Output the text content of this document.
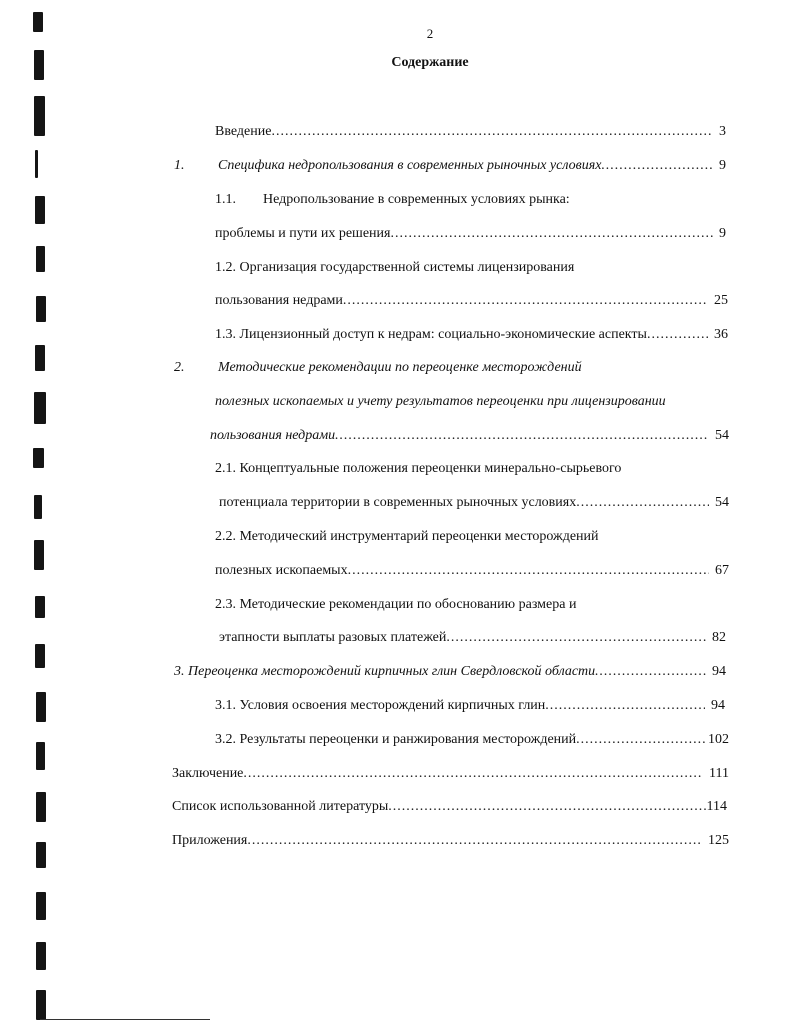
2
Содержание
Введение .....	3
1.	Специфика недропользования в современных рыночных условиях .....	9
1.1.	Недропользование в современных условиях рынка:
проблемы и пути их решения .....	9
1.2. Организация государственной системы лицензирования
пользования недрами .....	25
1.3. Лицензионный доступ к недрам: социально-экономические аспекты .....	36
2.	Методические рекомендации по переоценке месторождений
полезных ископаемых и учету результатов переоценки при лицензировании
пользования недрами .....	54
2.1. Концептуальные положения переоценки минерально-сырьевого
потенциала территории в современных рыночных условиях .....	54
2.2. Методический инструментарий переоценки месторождений
полезных ископаемых .....	67
2.3. Методические рекомендации по обоснованию размера и
этапности выплаты разовых платежей .....	82
3. Переоценка месторождений кирпичных глин Свердловской области .....	94
3.1. Условия освоения месторождений кирпичных глин .....	94
3.2. Результаты переоценки и ранжирования месторождений .....	102
Заключение .....	111
Список использованной литературы .....	114
Приложения .....	125
